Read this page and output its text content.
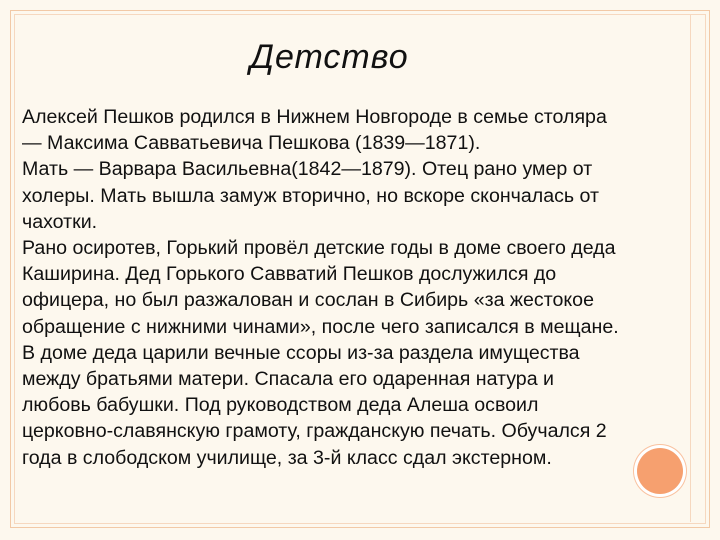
Детство
Алексей Пешков родился в Нижнем Новгороде в семье столяра
— Максима Савватьевича Пешкова (1839—1871).
Мать — Варвара Васильевна(1842—1879). Отец рано умер от
холеры. Мать вышла замуж вторично, но вскоре скончалась от
чахотки.
Рано осиротев, Горький провёл детские годы в доме своего деда
Каширина. Дед Горького Савватий Пешков дослужился до
офицера, но был разжалован и сослан в Сибирь «за жестокое
обращение с нижними чинами», после чего записался в мещане.
В доме деда царили вечные ссоры из-за раздела имущества
между братьями матери. Спасала его одаренная натура и
любовь бабушки. Под руководством деда Алеша освоил
церковно-славянскую грамоту, гражданскую печать. Обучался 2
года в слободском училище, за 3-й класс сдал экстерном.
